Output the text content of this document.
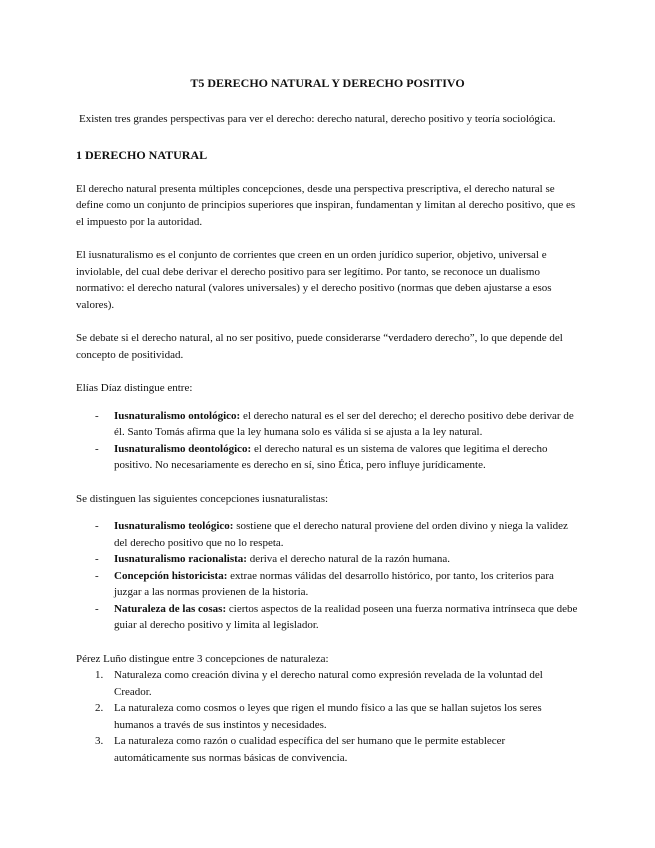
T5 DERECHO NATURAL Y DERECHO POSITIVO

Existen tres grandes perspectivas para ver el derecho: derecho natural, derecho positivo y teoría sociológica.

1 DERECHO NATURAL

El derecho natural presenta múltiples concepciones, desde una perspectiva prescriptiva, el derecho natural se define como un conjunto de principios superiores que inspiran, fundamentan y limitan al derecho positivo, que es el impuesto por la autoridad.

El iusnaturalismo es el conjunto de corrientes que creen en un orden jurídico superior, objetivo, universal e inviolable, del cual debe derivar el derecho positivo para ser legítimo. Por tanto, se reconoce un dualismo normativo: el derecho natural (valores universales) y el derecho positivo (normas que deben ajustarse a esos valores).

Se debate si el derecho natural, al no ser positivo, puede considerarse “verdadero derecho”, lo que depende del concepto de positividad.

Elías Díaz distingue entre:

- Iusnaturalismo ontológico: el derecho natural es el ser del derecho; el derecho positivo debe derivar de él. Santo Tomás afirma que la ley humana solo es válida si se ajusta a la ley natural.
- Iusnaturalismo deontológico: el derecho natural es un sistema de valores que legitima el derecho positivo. No necesariamente es derecho en sí, sino Ética, pero influye jurídicamente.

Se distinguen las siguientes concepciones iusnaturalistas:

- Iusnaturalismo teológico: sostiene que el derecho natural proviene del orden divino y niega la validez del derecho positivo que no lo respeta.
- Iusnaturalismo racionalista: deriva el derecho natural de la razón humana.
- Concepción historicista: extrae normas válidas del desarrollo histórico, por tanto, los criterios para juzgar a las normas provienen de la historia.
- Naturaleza de las cosas: ciertos aspectos de la realidad poseen una fuerza normativa intrínseca que debe guiar al derecho positivo y limita al legislador.

Pérez Luño distingue entre 3 concepciones de naturaleza:

1. Naturaleza como creación divina y el derecho natural como expresión revelada de la voluntad del Creador.
2. La naturaleza como cosmos o leyes que rigen el mundo físico a las que se hallan sujetos los seres humanos a través de sus instintos y necesidades.
3. La naturaleza como razón o cualidad específica del ser humano que le permite establecer automáticamente sus normas básicas de convivencia.
